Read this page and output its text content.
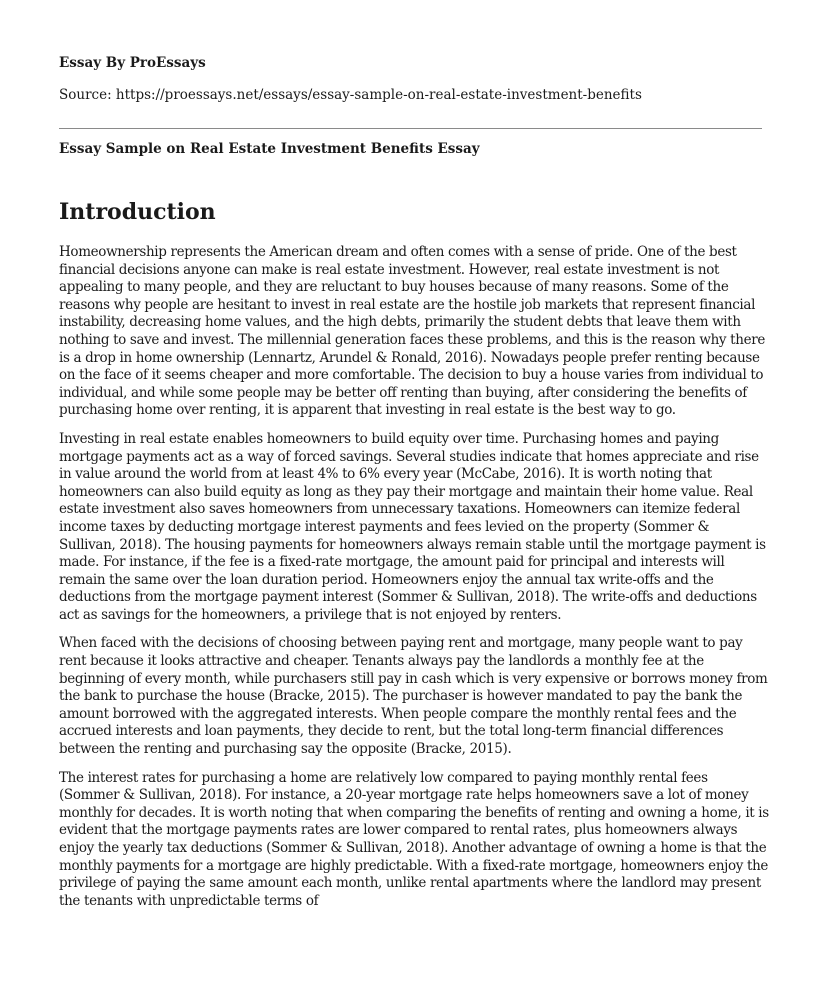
Essay By ProEssays

Source: https://proessays.net/essays/essay-sample-on-real-estate-investment-benefits

Essay Sample on Real Estate Investment Benefits Essay

Introduction

Homeownership represents the American dream and often comes with a sense of pride. One of the best financial decisions anyone can make is real estate investment. However, real estate investment is not appealing to many people, and they are reluctant to buy houses because of many reasons. Some of the reasons why people are hesitant to invest in real estate are the hostile job markets that represent financial instability, decreasing home values, and the high debts, primarily the student debts that leave them with nothing to save and invest. The millennial generation faces these problems, and this is the reason why there is a drop in home ownership (Lennartz, Arundel & Ronald, 2016). Nowadays people prefer renting because on the face of it seems cheaper and more comfortable. The decision to buy a house varies from individual to individual, and while some people may be better off renting than buying, after considering the benefits of purchasing home over renting, it is apparent that investing in real estate is the best way to go.

Investing in real estate enables homeowners to build equity over time. Purchasing homes and paying mortgage payments act as a way of forced savings. Several studies indicate that homes appreciate and rise in value around the world from at least 4% to 6% every year (McCabe, 2016). It is worth noting that homeowners can also build equity as long as they pay their mortgage and maintain their home value. Real estate investment also saves homeowners from unnecessary taxations. Homeowners can itemize federal income taxes by deducting mortgage interest payments and fees levied on the property (Sommer & Sullivan, 2018). The housing payments for homeowners always remain stable until the mortgage payment is made. For instance, if the fee is a fixed-rate mortgage, the amount paid for principal and interests will remain the same over the loan duration period. Homeowners enjoy the annual tax write-offs and the deductions from the mortgage payment interest (Sommer & Sullivan, 2018). The write-offs and deductions act as savings for the homeowners, a privilege that is not enjoyed by renters.

When faced with the decisions of choosing between paying rent and mortgage, many people want to pay rent because it looks attractive and cheaper. Tenants always pay the landlords a monthly fee at the beginning of every month, while purchasers still pay in cash which is very expensive or borrows money from the bank to purchase the house (Bracke, 2015). The purchaser is however mandated to pay the bank the amount borrowed with the aggregated interests. When people compare the monthly rental fees and the accrued interests and loan payments, they decide to rent, but the total long-term financial differences between the renting and purchasing say the opposite (Bracke, 2015).

The interest rates for purchasing a home are relatively low compared to paying monthly rental fees (Sommer & Sullivan, 2018). For instance, a 20-year mortgage rate helps homeowners save a lot of money monthly for decades. It is worth noting that when comparing the benefits of renting and owning a home, it is evident that the mortgage payments rates are lower compared to rental rates, plus homeowners always enjoy the yearly tax deductions (Sommer & Sullivan, 2018). Another advantage of owning a home is that the monthly payments for a mortgage are highly predictable. With a fixed-rate mortgage, homeowners enjoy the privilege of paying the same amount each month, unlike rental apartments where the landlord may present the tenants with unpredictable terms of
